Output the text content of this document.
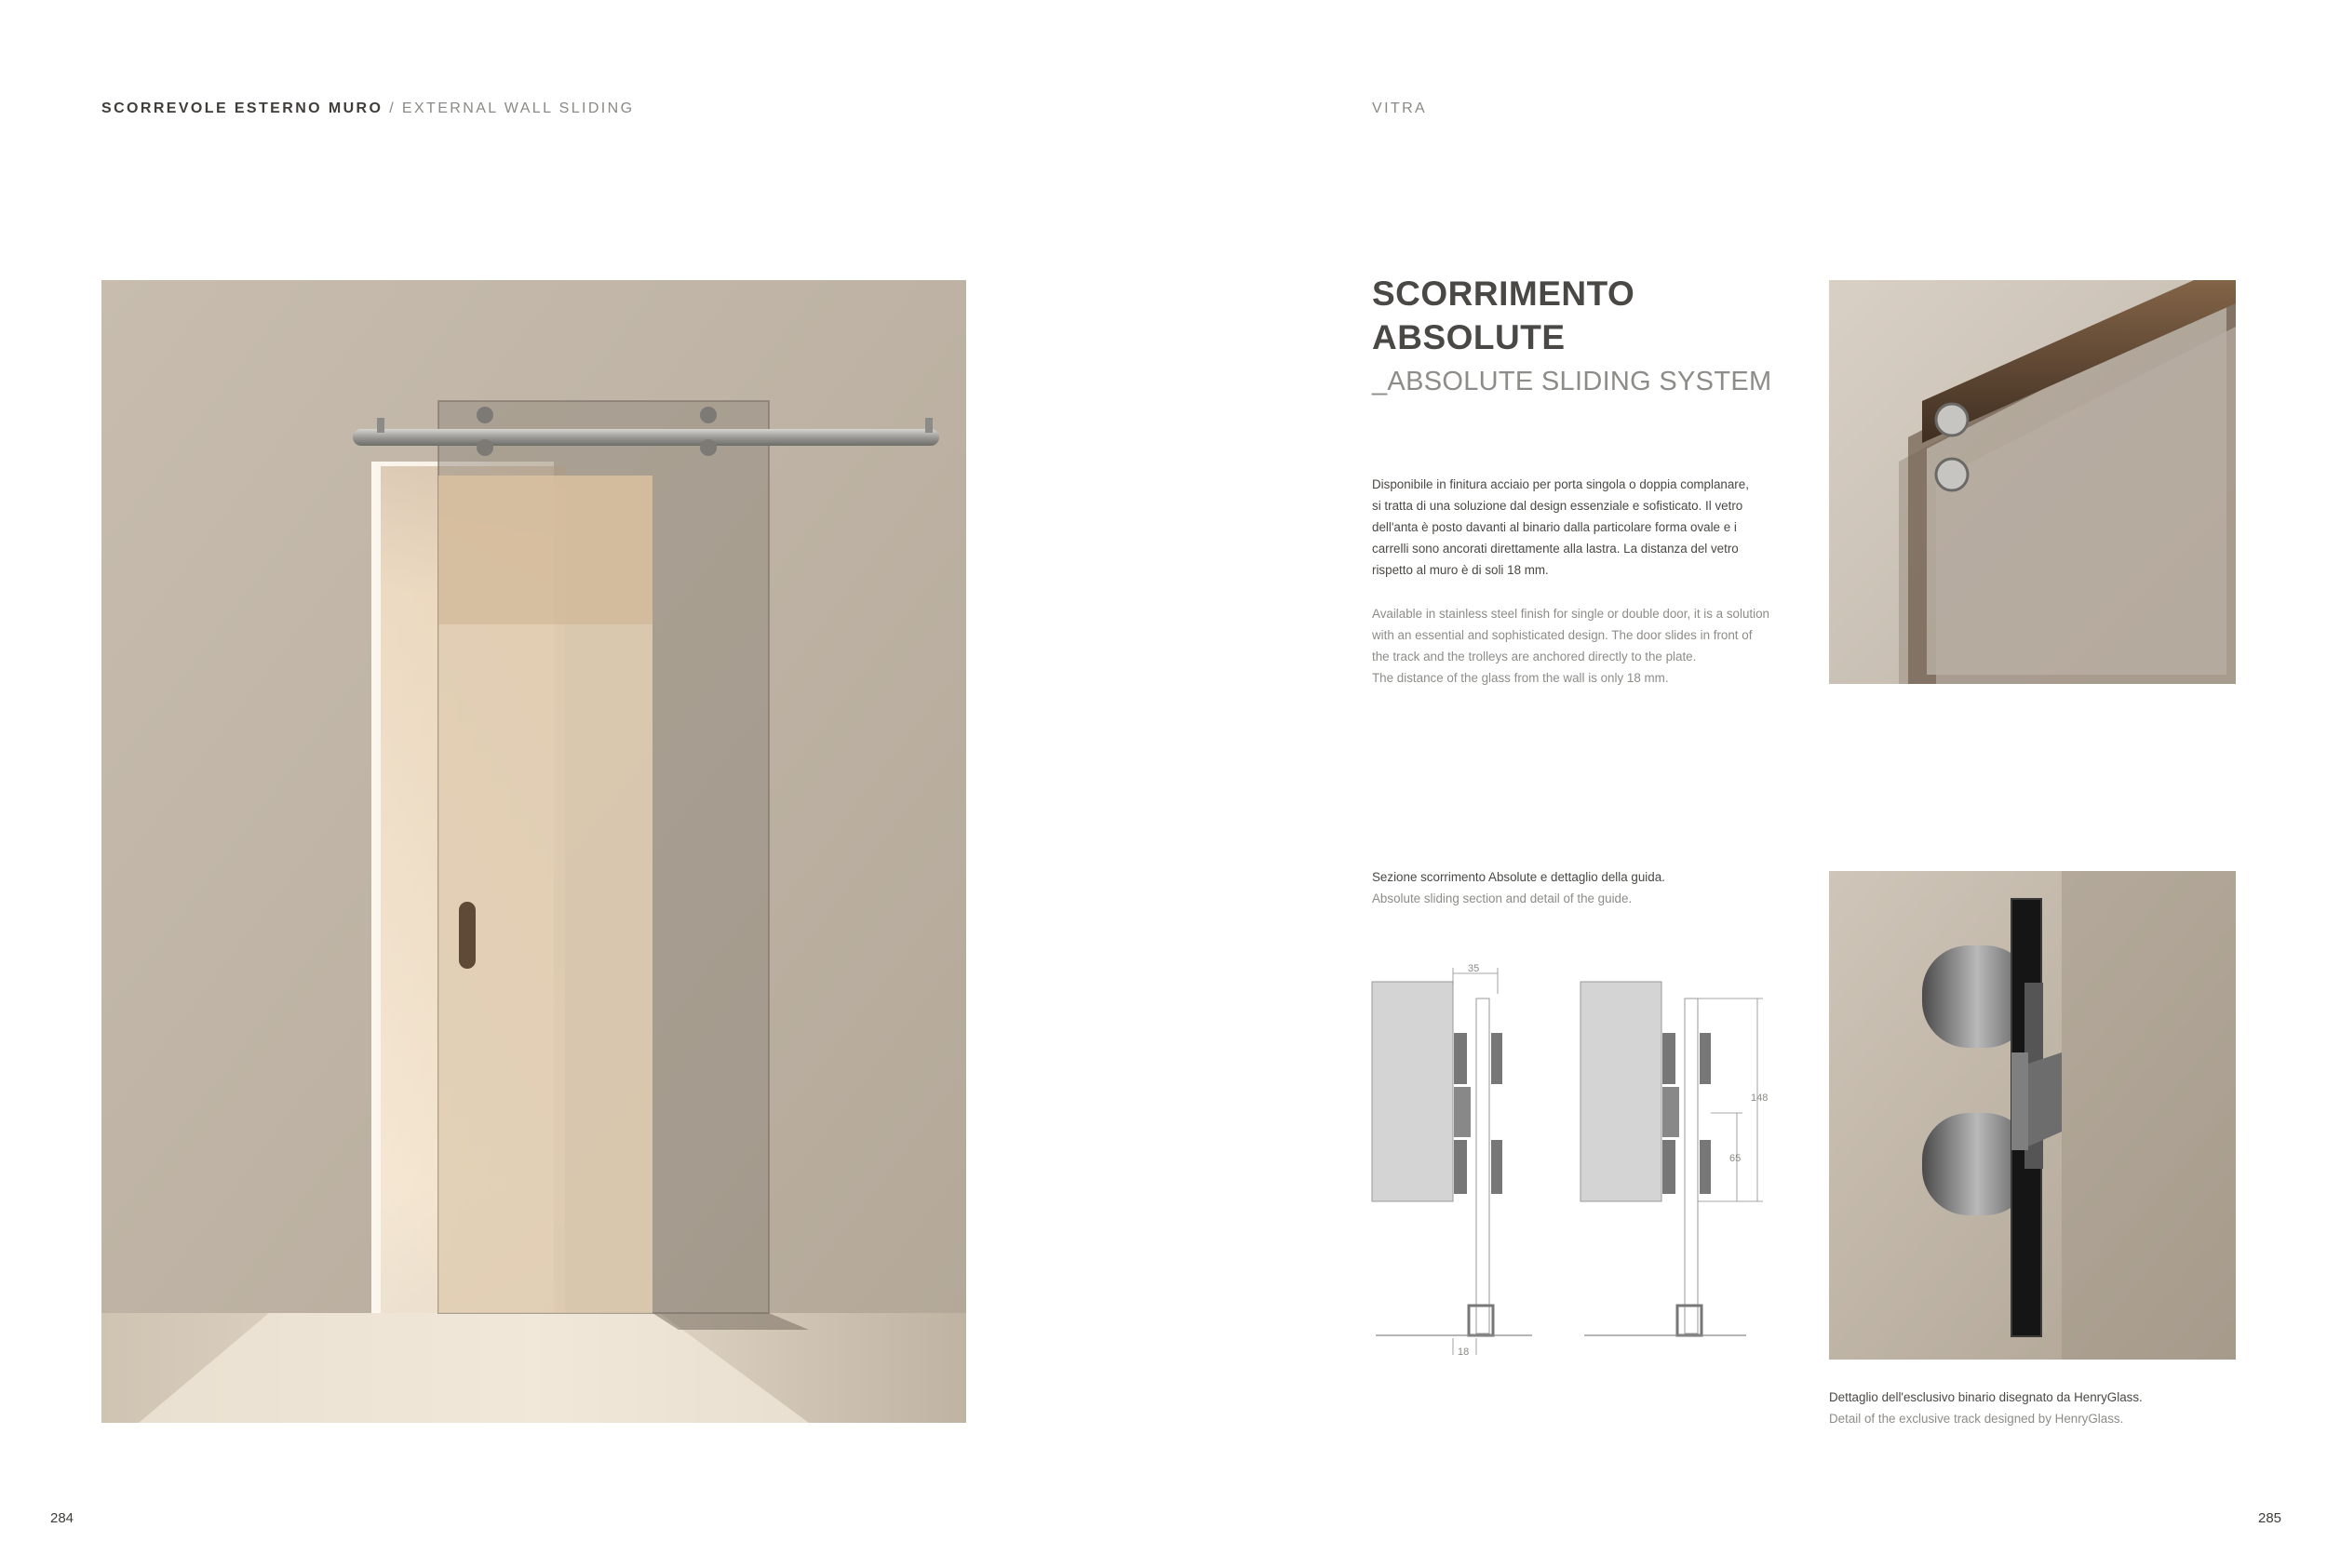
SCORREVOLE ESTERNO MURO / EXTERNAL WALL SLIDING	VITRA
SCORRIMENTO
ABSOLUTE
_ABSOLUTE SLIDING SYSTEM

Disponibile in finitura acciaio per porta singola o doppia complanare,
si tratta di una soluzione dal design essenziale e sofisticato. Il vetro
dell'anta è posto davanti al binario dalla particolare forma ovale e i
carrelli sono ancorati direttamente alla lastra. La distanza del vetro
rispetto al muro è di soli 18 mm.

Available in stainless steel finish for single or double door, it is a solution
with an essential and sophisticated design. The door slides in front of
the track and the trolleys are anchored directly to the plate.
The distance of the glass from the wall is only 18 mm.

Sezione scorrimento Absolute e dettaglio della guida.
Absolute sliding section and detail of the guide.
35
18
148
65
Dettaglio dell'esclusivo binario disegnato da HenryGlass.
Detail of the exclusive track designed by HenryGlass.
284	285
